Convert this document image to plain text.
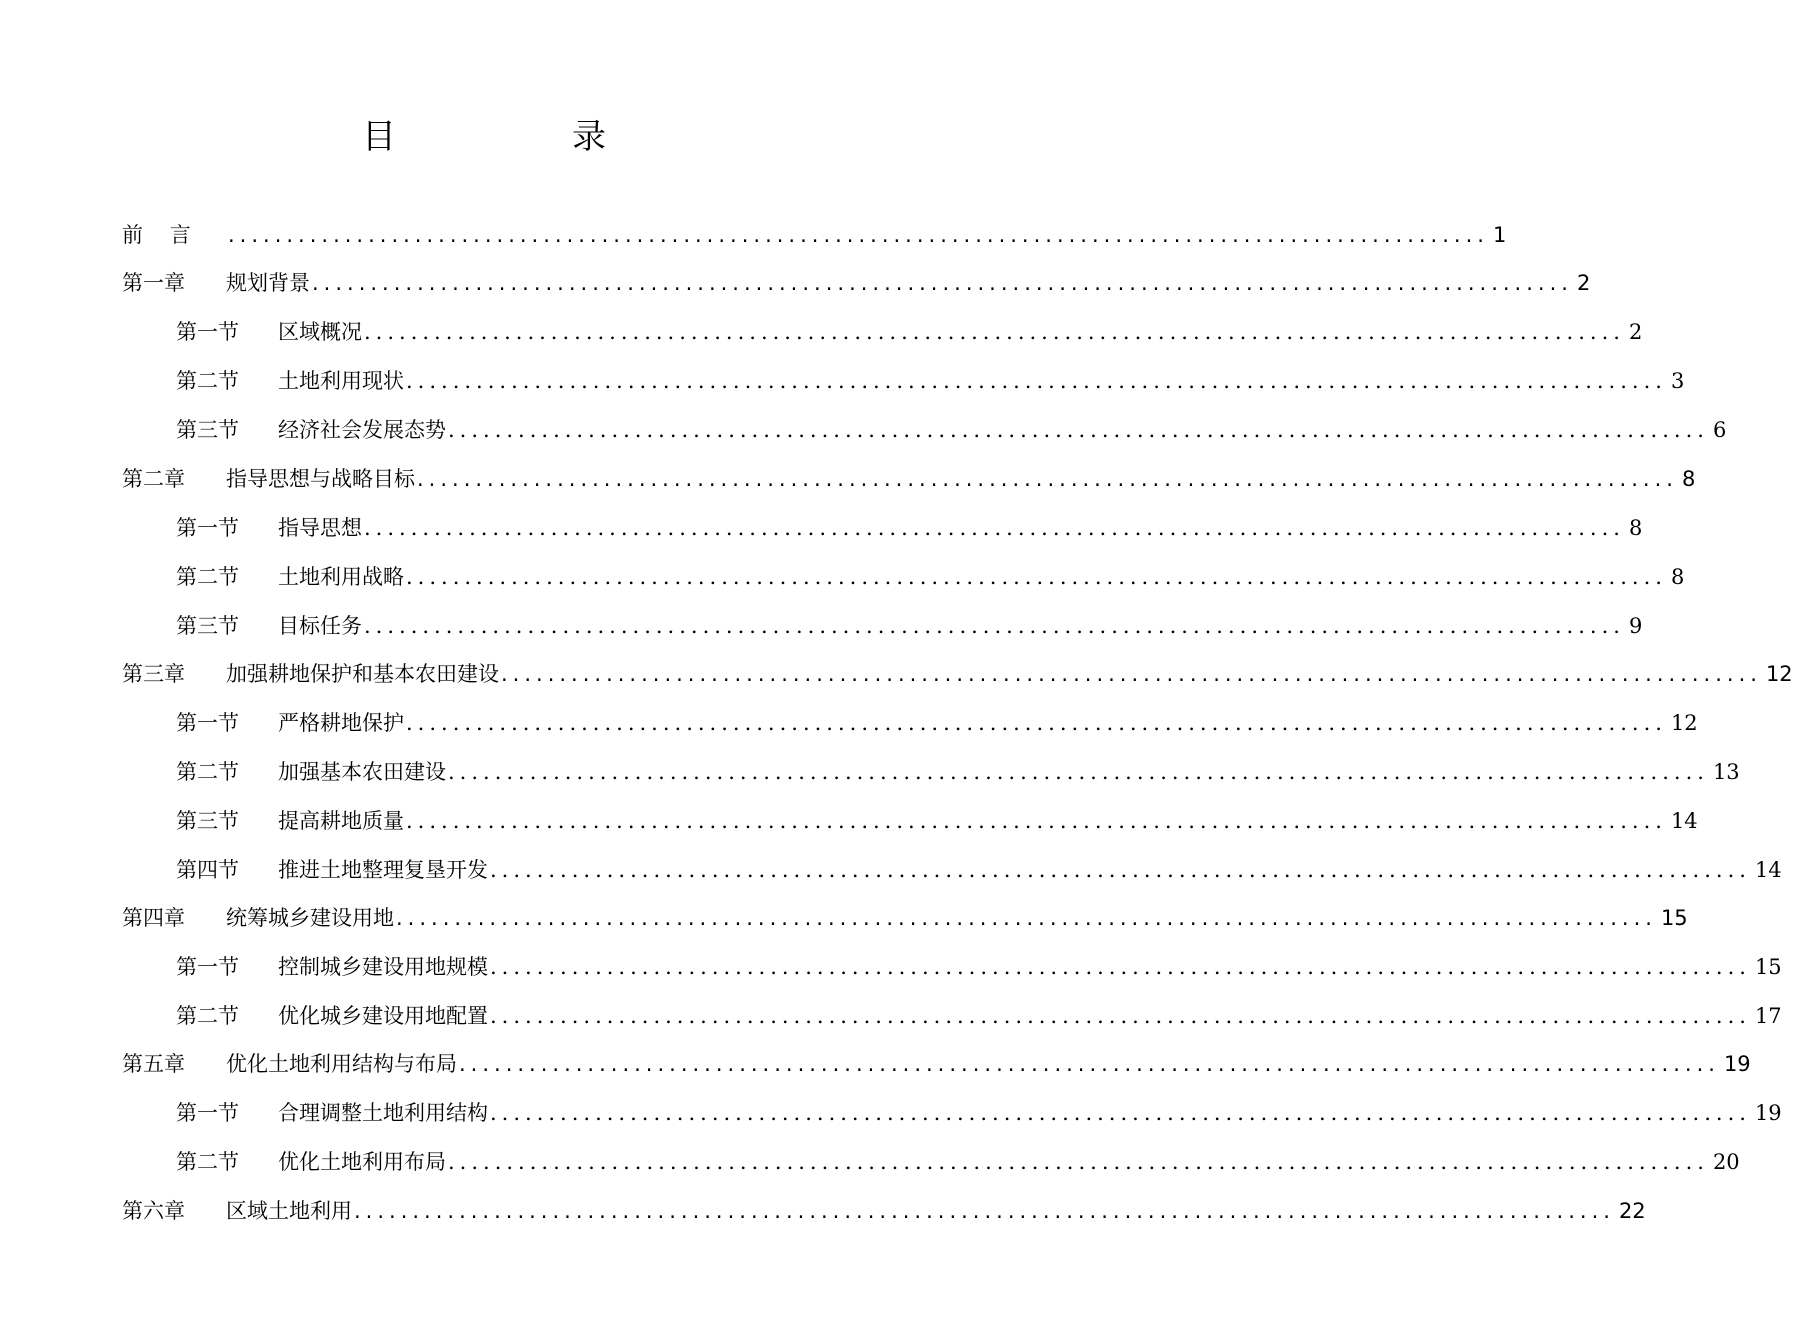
目	录
前    言	............................................................................................................ 1
第一章	规划背景 ............................................................................................................ 2
第一节	区域概况 ............................................................................................................ 2
第二节	土地利用现状 ............................................................................................................ 3
第三节	经济社会发展态势 ............................................................................................................ 6
第二章	指导思想与战略目标 ............................................................................................................ 8
第一节	指导思想 ............................................................................................................ 8
第二节	土地利用战略 ............................................................................................................ 8
第三节	目标任务 ............................................................................................................ 9
第三章	加强耕地保护和基本农田建设 ............................................................................................................ 12
第一节	严格耕地保护 ............................................................................................................ 12
第二节	加强基本农田建设 ............................................................................................................ 13
第三节	提高耕地质量 ............................................................................................................ 14
第四节	推进土地整理复垦开发 ............................................................................................................ 14
第四章	统筹城乡建设用地 ............................................................................................................ 15
第一节	控制城乡建设用地规模 ............................................................................................................ 15
第二节	优化城乡建设用地配置 ............................................................................................................ 17
第五章	优化土地利用结构与布局 ............................................................................................................ 19
第一节	合理调整土地利用结构 ............................................................................................................ 19
第二节	优化土地利用布局 ............................................................................................................ 20
第六章	区域土地利用 ............................................................................................................ 22
